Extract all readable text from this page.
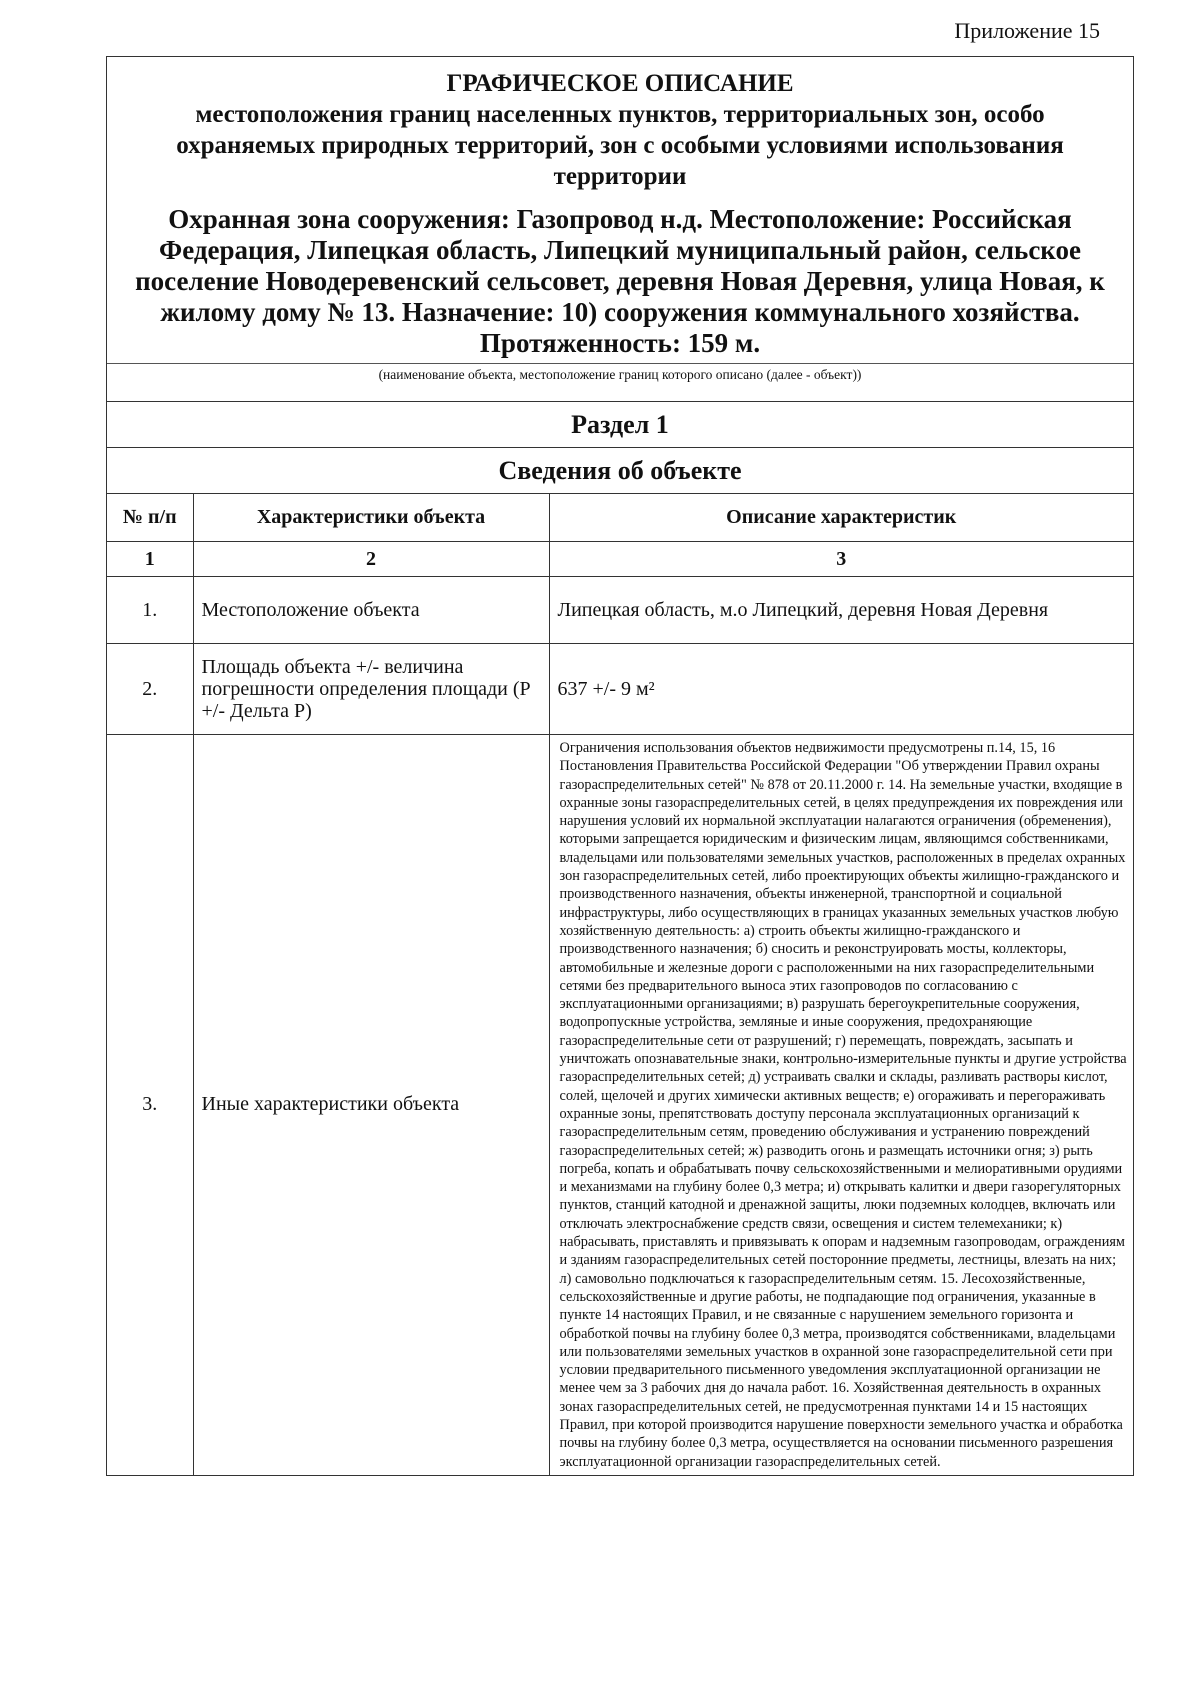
Приложение 15
ГРАФИЧЕСКОЕ ОПИСАНИЕ
местоположения границ населенных пунктов, территориальных зон, особо охраняемых природных территорий, зон с особыми условиями использования территории
Охранная зона сооружения: Газопровод н.д. Местоположение: Российская Федерация, Липецкая область, Липецкий муниципальный район, сельское поселение Новодеревенский сельсовет, деревня Новая Деревня, улица Новая, к жилому дому № 13. Назначение: 10) сооружения коммунального хозяйства. Протяженность: 159 м.
(наименование объекта, местоположение границ которого описано (далее - объект))
Раздел 1
Сведения об объекте
№ п/п	Характеристики объекта	Описание характеристик
1	2	3
1.	Местоположение объекта	Липецкая область, м.о Липецкий, деревня Новая Деревня
2.	Площадь объекта +/- величина погрешности определения площади (Р +/- Дельта Р)	637 +/- 9 м²
3.	Иные характеристики объекта	Ограничения использования объектов недвижимости предусмотрены п.14, 15, 16 Постановления Правительства Российской Федерации "Об утверждении Правил охраны газораспределительных сетей" № 878 от 20.11.2000 г. 14. На земельные участки, входящие в охранные зоны газораспределительных сетей, в целях предупреждения их повреждения или нарушения условий их нормальной эксплуатации налагаются ограничения (обременения), которыми запрещается юридическим и физическим лицам, являющимся собственниками, владельцами или пользователями земельных участков, расположенных в пределах охранных зон газораспределительных сетей, либо проектирующих объекты жилищно-гражданского и производственного назначения, объекты инженерной, транспортной и социальной инфраструктуры, либо осуществляющих в границах указанных земельных участков любую хозяйственную деятельность: а) строить объекты жилищно-гражданского и производственного назначения; б) сносить и реконструировать мосты, коллекторы, автомобильные и железные дороги с расположенными на них газораспределительными сетями без предварительного выноса этих газопроводов по согласованию с эксплуатационными организациями; в) разрушать берегоукрепительные сооружения, водопропускные устройства, земляные и иные сооружения, предохраняющие газораспределительные сети от разрушений; г) перемещать, повреждать, засыпать и уничтожать опознавательные знаки, контрольно-измерительные пункты и другие устройства газораспределительных сетей; д) устраивать свалки и склады, разливать растворы кислот, солей, щелочей и других химически активных веществ; е) огораживать и перегораживать охранные зоны, препятствовать доступу персонала эксплуатационных организаций к газораспределительным сетям, проведению обслуживания и устранению повреждений газораспределительных сетей; ж) разводить огонь и размещать источники огня; з) рыть погреба, копать и обрабатывать почву сельскохозяйственными и мелиоративными орудиями и механизмами на глубину более 0,3 метра; и) открывать калитки и двери газорегуляторных пунктов, станций катодной и дренажной защиты, люки подземных колодцев, включать или отключать электроснабжение средств связи, освещения и систем телемеханики; к) набрасывать, приставлять и привязывать к опорам и надземным газопроводам, ограждениям и зданиям газораспределительных сетей посторонние предметы, лестницы, влезать на них; л) самовольно подключаться к газораспределительным сетям. 15. Лесохозяйственные, сельскохозяйственные и другие работы, не подпадающие под ограничения, указанные в пункте 14 настоящих Правил, и не связанные с нарушением земельного горизонта и обработкой почвы на глубину более 0,3 метра, производятся собственниками, владельцами или пользователями земельных участков в охранной зоне газораспределительной сети при условии предварительного письменного уведомления эксплуатационной организации не менее чем за 3 рабочих дня до начала работ. 16. Хозяйственная деятельность в охранных зонах газораспределительных сетей, не предусмотренная пунктами 14 и 15 настоящих Правил, при которой производится нарушение поверхности земельного участка и обработка почвы на глубину более 0,3 метра, осуществляется на основании письменного разрешения эксплуатационной организации газораспределительных сетей.
